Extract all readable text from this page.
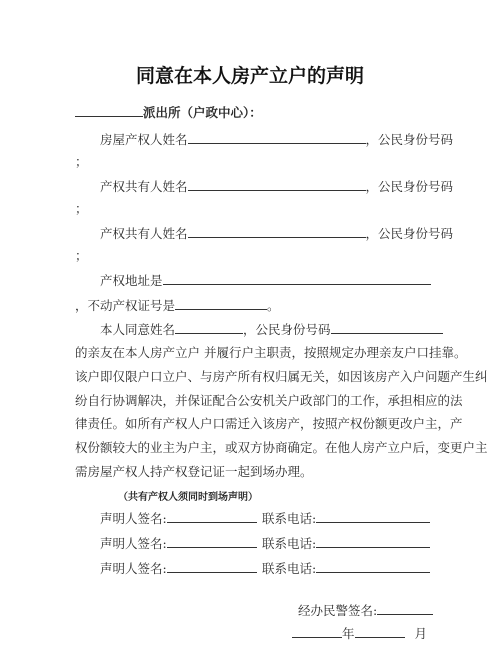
同意在本人房产立户的声明
派出所（户政中心）：
房屋产权人姓名	，公民身份号码
；
产权共有人姓名	，公民身份号码
；
产权共有人姓名	，公民身份号码
；
产权地址是
，不动产权证号是	。
本人同意姓名	，公民身份号码
的亲友在本人房产立户 并履行户主职责，按照规定办理亲友户口挂靠。
该户即仅限户口立户、与房产所有权归属无关，如因该房产入户问题产生纠
纷自行协调解决，并保证配合公安机关户政部门的工作，承担相应的法
律责任。如所有产权人户口需迁入该房产，按照产权份额更改户主，产
权份额较大的业主为户主，或双方协商确定。在他人房产立户后，变更户主
需房屋产权人持产权登记证一起到场办理。
（共有产权人须同时到场声明）
声明人签名:	联系电话:
声明人签名:	联系电话:
声明人签名:	联系电话:
经办民警签名:
年	月
